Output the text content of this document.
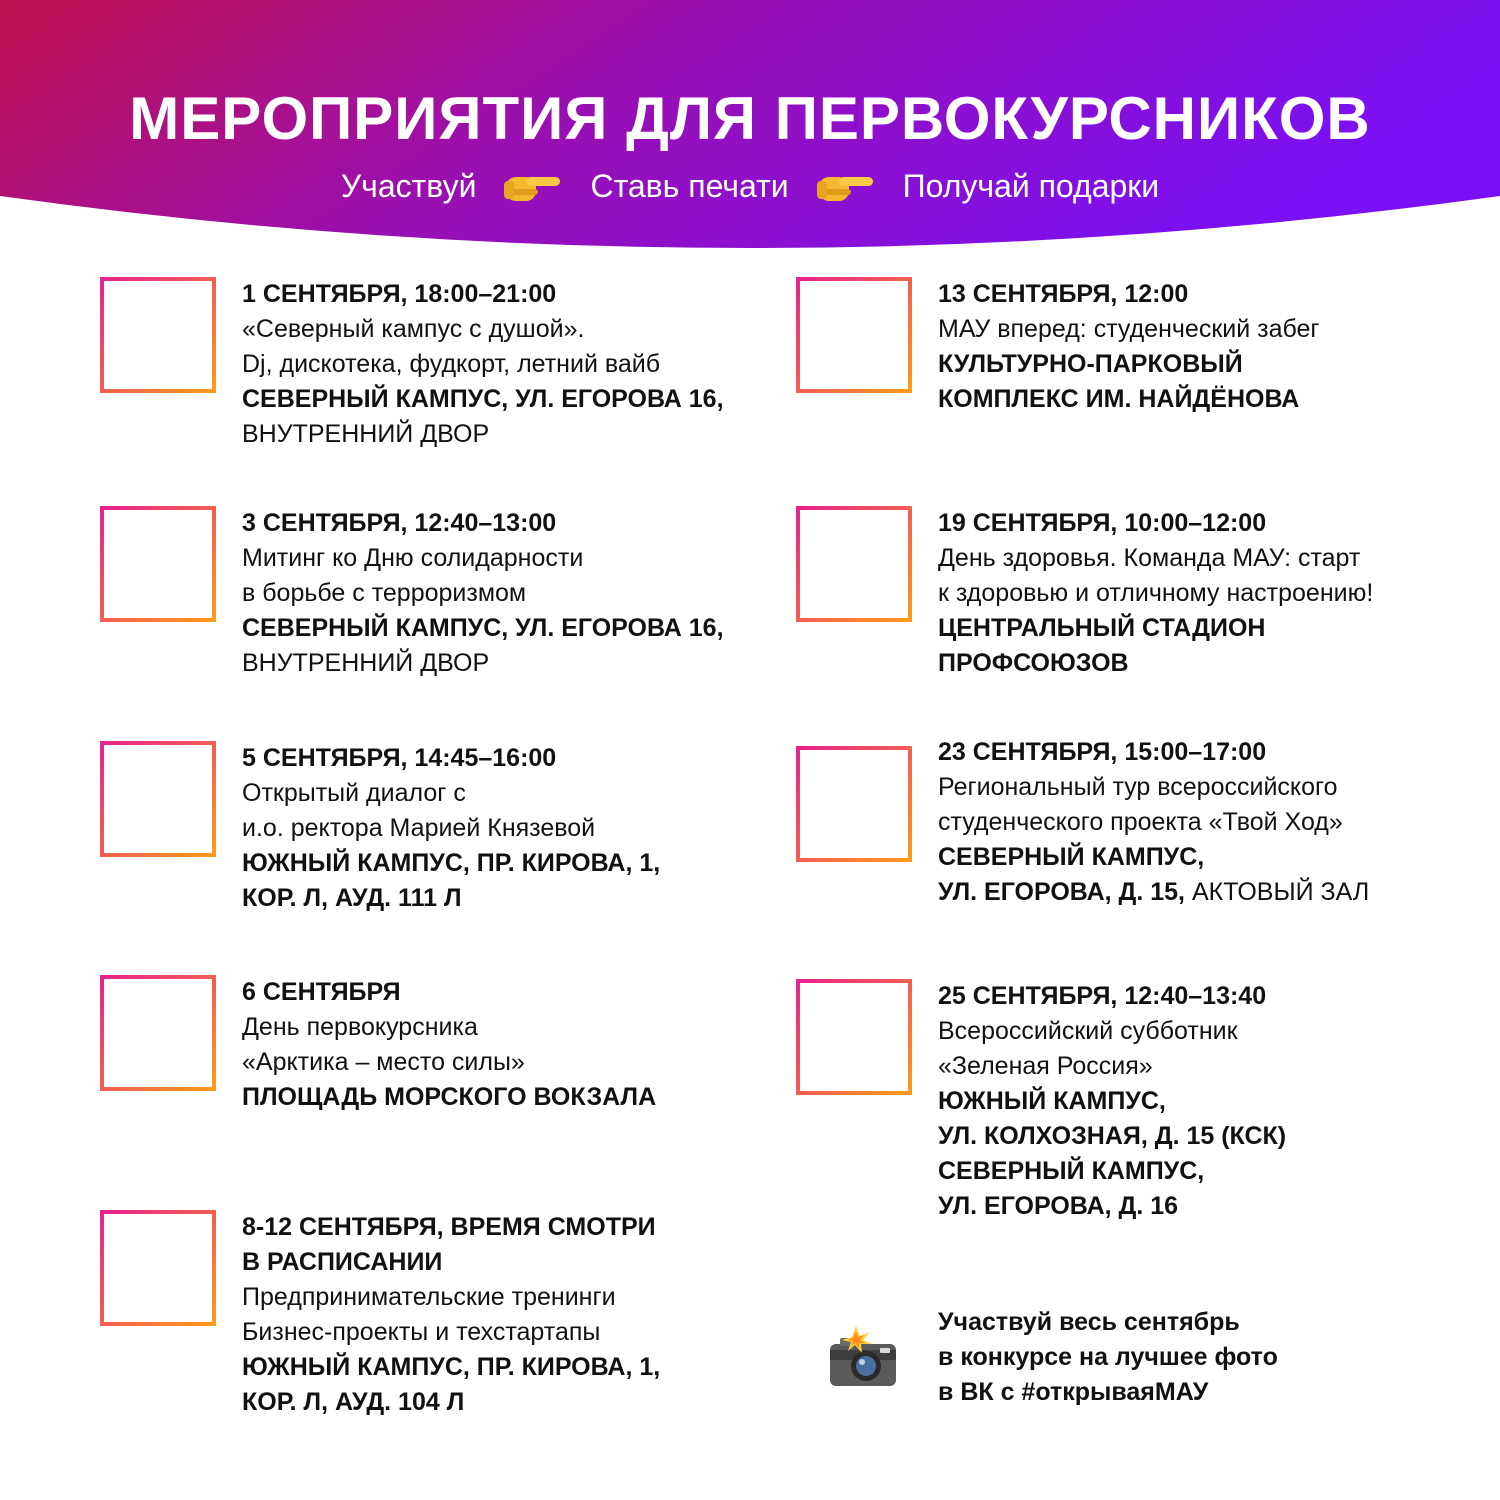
МЕРОПРИЯТИЯ ДЛЯ ПЕРВОКУРСНИКОВ
Участвуй	Ставь печати	Получай подарки
1 СЕНТЯБРЯ, 18:00–21:00
«Северный кампус с душой».
Dj, дискотека, фудкорт, летний вайб
СЕВЕРНЫЙ КАМПУС, УЛ. ЕГОРОВА 16,
ВНУТРЕННИЙ ДВОР
3 СЕНТЯБРЯ, 12:40–13:00
Митинг ко Дню солидарности
в борьбе с терроризмом
СЕВЕРНЫЙ КАМПУС, УЛ. ЕГОРОВА 16,
ВНУТРЕННИЙ ДВОР
5 СЕНТЯБРЯ, 14:45–16:00
Открытый диалог с
и.о. ректора Марией Князевой
ЮЖНЫЙ КАМПУС, ПР. КИРОВА, 1,
КОР. Л, АУД. 111 Л
6 СЕНТЯБРЯ
День первокурсника
«Арктика – место силы»
ПЛОЩАДЬ МОРСКОГО ВОКЗАЛА
8-12 СЕНТЯБРЯ, ВРЕМЯ СМОТРИ
В РАСПИСАНИИ
Предпринимательские тренинги
Бизнес-проекты и техстартапы
ЮЖНЫЙ КАМПУС, ПР. КИРОВА, 1,
КОР. Л, АУД. 104 Л
13 СЕНТЯБРЯ, 12:00
МАУ вперед: студенческий забег
КУЛЬТУРНО-ПАРКОВЫЙ
КОМПЛЕКС ИМ. НАЙДЁНОВА
19 СЕНТЯБРЯ, 10:00–12:00
День здоровья. Команда МАУ: старт
к здоровью и отличному настроению!
ЦЕНТРАЛЬНЫЙ СТАДИОН
ПРОФСОЮЗОВ
23 СЕНТЯБРЯ, 15:00–17:00
Региональный тур всероссийского
студенческого проекта «Твой Ход»
СЕВЕРНЫЙ КАМПУС,
УЛ. ЕГОРОВА, Д. 15, АКТОВЫЙ ЗАЛ
25 СЕНТЯБРЯ, 12:40–13:40
Всероссийский субботник
«Зеленая Россия»
ЮЖНЫЙ КАМПУС,
УЛ. КОЛХОЗНАЯ, Д. 15 (КСК)
СЕВЕРНЫЙ КАМПУС,
УЛ. ЕГОРОВА, Д. 16
Участвуй весь сентябрь
в конкурсе на лучшее фото
в ВК с #открываяМАУ
